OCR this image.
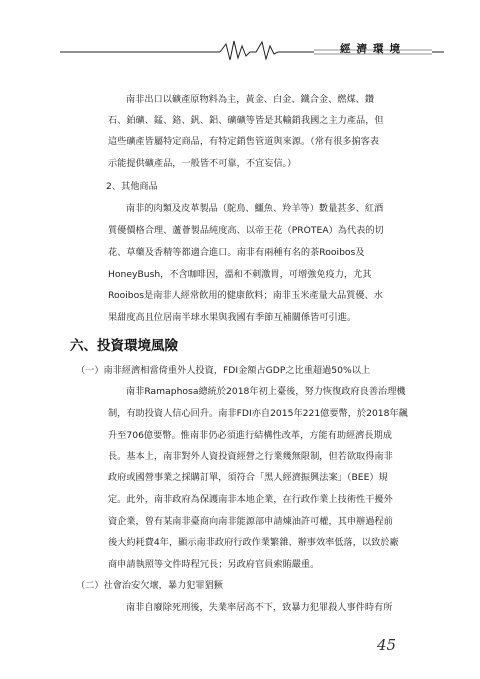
經濟環境
南非出口以礦產原物料為主，黃金、白金、鐵合金、燃煤、鑽
石、鉑礦、錳、鉻、釩、鋁、礦礦等皆是其輸銷我國之主力產品，但
這些礦產皆屬特定商品，有特定銷售管道與來源。（常有很多掮客表
示能提供礦產品，一般皆不可靠，不宜妄信。）
2、其他商品
南非的肉類及皮革製品（鴕鳥、鱷魚、羚羊等）數量甚多、紅酒
質優價格合理、蘆薈製品純度高、以帝王花（PROTEA）為代表的切
花、草藥及香精等都適合進口。南非有兩種有名的茶Rooibos及
HoneyBush，不含咖啡因，溫和不刺激胃，可增強免疫力，尤其
Rooibos是南非人經常飲用的健康飲料；南非玉米產量大品質優、水
果甜度高且位居南半球水果與我國有季節互補關係皆可引進。
六、投資環境風險
（一）南非經濟相當倚重外人投資，FDI金額占GDP之比重超過50%以上
南非Ramaphosa總統於2018年初上臺後，努力恢復政府良善治理機
制，有助投資人信心回升。南非FDI亦自2015年221億要幣，於2018年飆
升至706億要幣。惟南非仍必須進行結構性改革，方能有助經濟長期成
長。基本上，南非對外人資投資經營之行業幾無限制，但若欲取得南非
政府或國營事業之採購訂單，須符合「黑人經濟振興法案」（BEE）規
定。此外，南非政府為保護南非本地企業，在行政作業上技術性干擾外
資企業，曾有某南非臺商向南非能源部申請煉油許可權，其申辦過程前
後大約耗費4年，顯示南非政府行政作業繁雜、辦事效率低落，以致於廠
商申請執照等文件時程冗長；另政府官員索賄嚴重。
（二）社會治安欠壞，暴力犯罪猖獗
南非自廢除死刑後，失業率居高不下，致暴力犯罪殺人事件時有所
45
